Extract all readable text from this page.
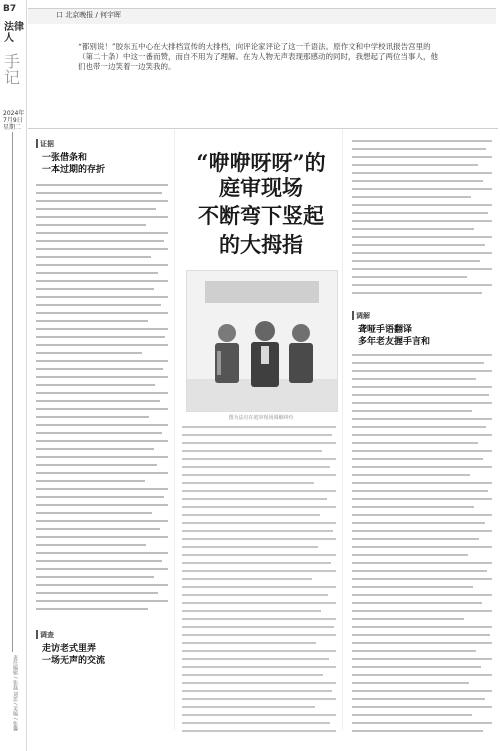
B7
法律人
手记
2024年
7月9日
星期二
责任编辑 / 张磊 刘思 / 美编 / 张馨
口 北京晚报 / 何宇晖
“都别说！”胶东五中心在大排档宣传的大排档，向评论家评论了这一千语法。原作文和中学校讯报告宫里的（第二十条）中这一番而赞，而自不用为了理解。在为人物无声表现那感动的同时，我想起了两位当事人，他们也带一边笑着一边笑我的。
“咿咿呀呀”的
庭审现场
不断弯下竖起
的大拇指
图为法官在庭审现场调解纠纷
证据
一张借条和
一本过期的存折
调查
走访老式里弄
一场无声的交流
调解
聋哑手语翻译
多年老友握手言和
